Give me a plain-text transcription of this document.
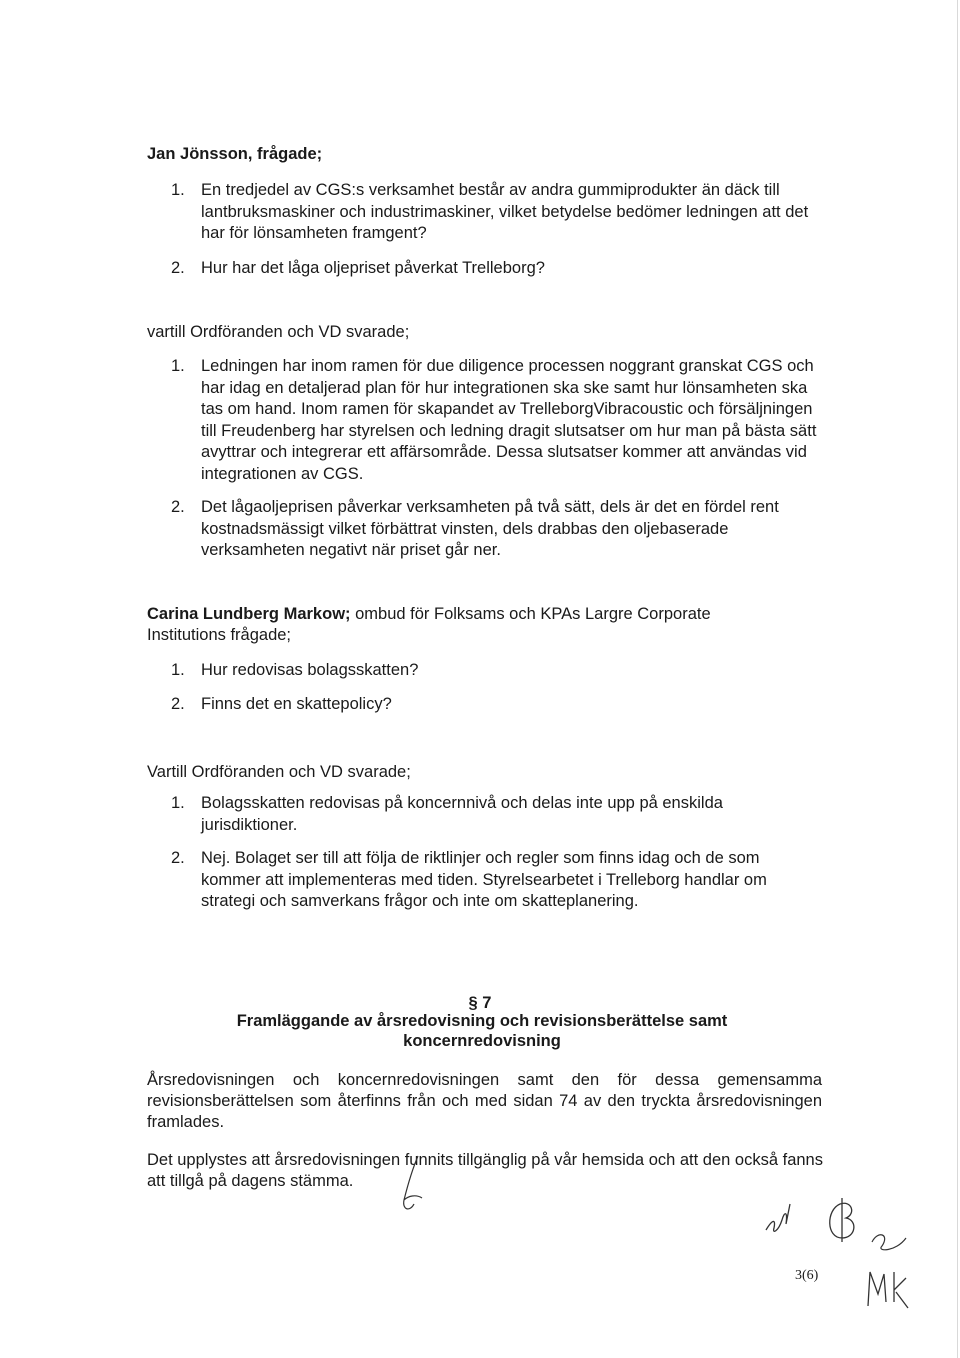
Jan Jönsson, frågade;

1. En tredjedel av CGS:s verksamhet består av andra gummiprodukter än däck till lantbruksmaskiner och industrimaskiner, vilket betydelse bedömer ledningen att det har för lönsamheten framgent?
2. Hur har det låga oljepriset påverkat Trelleborg?

vartill Ordföranden och VD svarade;

1. Ledningen har inom ramen för due diligence processen noggrant granskat CGS och har idag en detaljerad plan för hur integrationen ska ske samt hur lönsamheten ska tas om hand. Inom ramen för skapandet av TrelleborgVibracoustic och försäljningen till Freudenberg har styrelsen och ledning dragit slutsatser om hur man på bästa sätt avyttrar och integrerar ett affärsområde. Dessa slutsatser kommer att användas vid integrationen av CGS.
2. Det lågaoljeprisen påverkar verksamheten på två sätt, dels är det en fördel rent kostnadsmässigt vilket förbättrat vinsten, dels drabbas den oljebaserade verksamheten negativt när priset går ner.

Carina Lundberg Markow; ombud för Folksams och KPAs Largre Corporate Institutions frågade;

1. Hur redovisas bolagsskatten?
2. Finns det en skattepolicy?

Vartill Ordföranden och VD svarade;

1. Bolagsskatten redovisas på koncernnivå och delas inte upp på enskilda jurisdiktioner.
2. Nej. Bolaget ser till att följa de riktlinjer och regler som finns idag och de som kommer att implementeras med tiden. Styrelsearbetet i Trelleborg handlar om strategi och samverkans frågor och inte om skatteplanering.

§ 7

Framläggande av årsredovisning och revisionsberättelse samt

koncernredovisning

Årsredovisningen och koncernredovisningen samt den för dessa gemensamma revisionsberättelsen som återfinns från och med sidan 74 av den tryckta årsredovisningen framlades.

Det upplystes att årsredovisningen funnits tillgänglig på vår hemsida och att den också fanns att tillgå på dagens stämma.

3(6)
